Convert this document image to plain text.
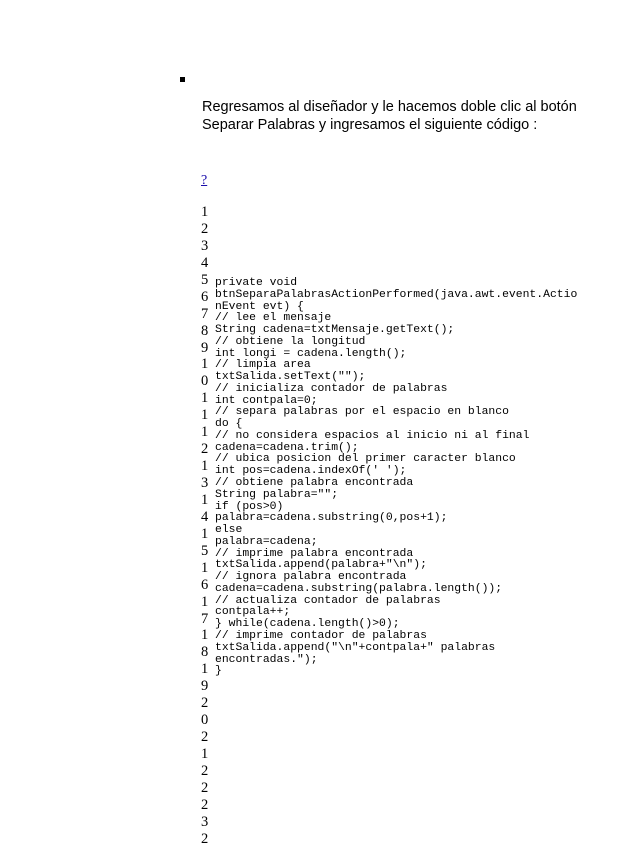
Regresamos al diseñador y le hacemos doble clic al botón
Separar Palabras y ingresamos el siguiente código :
?
1
2
3
4
5
6
7
8
9
1
0
1
1
1
2
1
3
1
4
1
5
1
6
1
7
1
8
1
9
2
0
2
1
2
2
2
3
2
private void
btnSeparaPalabrasActionPerformed(java.awt.event.Actio
nEvent evt) {
// lee el mensaje
String cadena=txtMensaje.getText();
// obtiene la longitud
int longi = cadena.length();
// limpia area
txtSalida.setText("");
// inicializa contador de palabras
int contpala=0;
// separa palabras por el espacio en blanco
do {
// no considera espacios al inicio ni al final
cadena=cadena.trim();
// ubica posicion del primer caracter blanco
int pos=cadena.indexOf(' ');
// obtiene palabra encontrada
String palabra="";
if (pos>0)
palabra=cadena.substring(0,pos+1);
else
palabra=cadena;
// imprime palabra encontrada
txtSalida.append(palabra+"\n");
// ignora palabra encontrada
cadena=cadena.substring(palabra.length());
// actualiza contador de palabras
contpala++;
} while(cadena.length()>0);
// imprime contador de palabras
txtSalida.append("\n"+contpala+" palabras
encontradas.");
}
